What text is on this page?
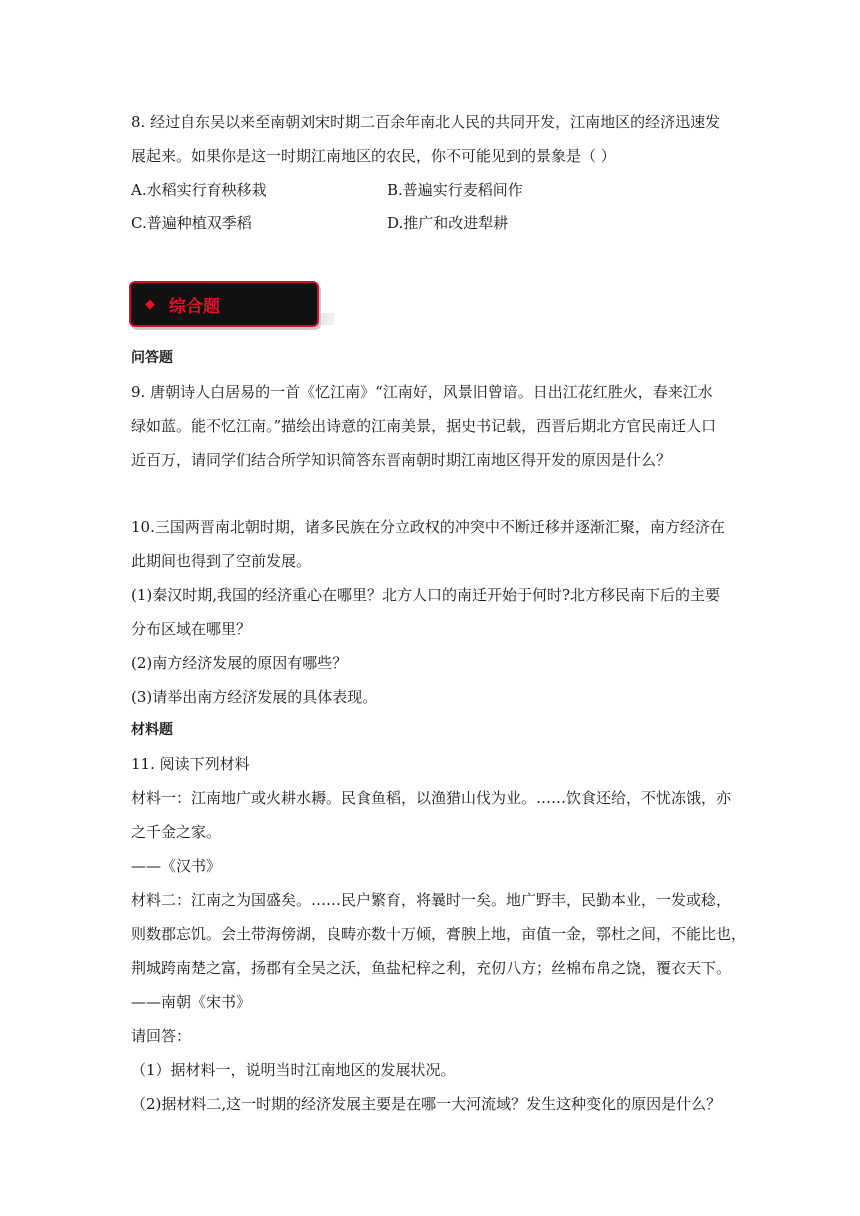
8. 经过自东吴以来至南朝刘宋时期二百余年南北人民的共同开发，江南地区的经济迅速发
展起来。如果你是这一时期江南地区的农民，你不可能见到的景象是（ ）
A.水稻实行育秧移栽	B.普遍实行麦稻间作
C.普遍种植双季稻	D.推广和改进犁耕
◆ 综合题
问答题
9. 唐朝诗人白居易的一首《忆江南》“江南好，风景旧曾谙。日出江花红胜火，春来江水
绿如蓝。能不忆江南。”描绘出诗意的江南美景，据史书记载，西晋后期北方官民南迁人口
近百万，请同学们结合所学知识简答东晋南朝时期江南地区得开发的原因是什么？
10.三国两晋南北朝时期，诸多民族在分立政权的冲突中不断迁移并逐渐汇聚，南方经济在
此期间也得到了空前发展。
(1)秦汉时期,我国的经济重心在哪里？北方人口的南迁开始于何时?北方移民南下后的主要
分布区域在哪里？
(2)南方经济发展的原因有哪些？
(3)请举出南方经济发展的具体表现。
材料题
11. 阅读下列材料
材料一：江南地广或火耕水耨。民食鱼稻，以渔猎山伐为业。……饮食还给，不忧冻饿，亦
之千金之家。
——《汉书》
材料二：江南之为国盛矣。……民户繁育，将曩时一矣。地广野丰，民勤本业，一发或稔，
则数郡忘饥。会土带海傍湖，良畴亦数十万倾，膏腴上地，亩值一金，鄠杜之间，不能比也，
荆城跨南楚之富，扬郡有全吴之沃，鱼盐杞梓之利，充仞八方；丝棉布帛之饶，覆衣天下。
——南朝《宋书》
请回答：
（1）据材料一，说明当时江南地区的发展状况。
（2)据材料二,这一时期的经济发展主要是在哪一大河流域？发生这种变化的原因是什么？
